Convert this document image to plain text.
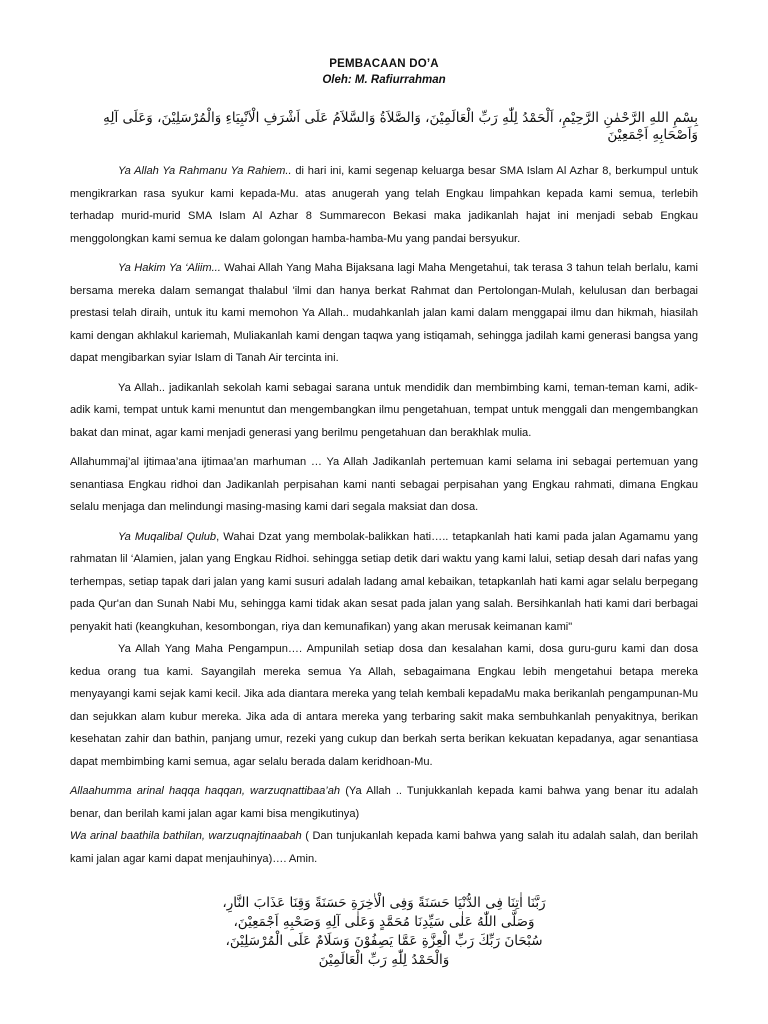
PEMBACAAN DO’A
Oleh: M. Rafiurrahman

بِسْمِ اللهِ الرَّحْمٰنِ الرَّحِيْمِ، اَلْحَمْدُ لِلّٰهِ رَبِّ الْعَالَمِيْنَ، وَالصَّلاَةُ وَالسَّلاَمُ عَلَى اَشْرَفِ الْاَنْبِيَاءِ وَالْمُرْسَلِيْنَ، وَعَلَى آلِهِ وَاَصْحَابِهِ اَجْمَعِيْنَ

Ya Allah Ya Rahmanu Ya Rahiem.. di hari ini, kami segenap keluarga besar SMA Islam Al Azhar 8, berkumpul untuk mengikrarkan rasa syukur kami kepada-Mu. atas anugerah yang telah Engkau limpahkan kepada kami semua, terlebih terhadap murid-murid SMA Islam Al Azhar 8 Summarecon Bekasi maka jadikanlah hajat ini menjadi sebab Engkau menggolongkan kami semua ke dalam golongan hamba-hamba-Mu yang pandai bersyukur.

Ya Hakim Ya ‘Aliim... Wahai Allah Yang Maha Bijaksana lagi Maha Mengetahui, tak terasa 3 tahun telah berlalu, kami bersama mereka dalam semangat thalabul 'ilmi dan hanya berkat Rahmat dan Pertolongan-Mulah, kelulusan dan berbagai prestasi telah diraih, untuk itu kami memohon Ya Allah.. mudahkanlah jalan kami dalam menggapai ilmu dan hikmah, hiasilah kami dengan akhlakul kariemah, Muliakanlah kami dengan taqwa yang istiqamah, sehingga jadilah kami generasi bangsa yang dapat mengibarkan syiar Islam di Tanah Air tercinta ini.

Ya Allah.. jadikanlah sekolah kami sebagai sarana untuk mendidik dan membimbing kami, teman-teman kami, adik-adik kami, tempat untuk kami menuntut dan mengembangkan ilmu pengetahuan, tempat untuk menggali dan mengembangkan bakat dan minat, agar kami menjadi generasi yang berilmu pengetahuan dan berakhlak mulia.

Allahummaj’al ijtimaa’ana ijtimaa’an marhuman … Ya Allah Jadikanlah pertemuan kami selama ini sebagai pertemuan yang senantiasa Engkau ridhoi dan Jadikanlah perpisahan kami nanti sebagai perpisahan yang Engkau rahmati, dimana Engkau selalu menjaga dan melindungi masing-masing kami dari segala maksiat dan dosa.

Ya Muqalibal Qulub, Wahai Dzat yang membolak-balikkan hati….. tetapkanlah hati kami pada jalan Agamamu yang rahmatan lil ‘Alamien, jalan yang Engkau Ridhoi. sehingga setiap detik dari waktu yang kami lalui, setiap desah dari nafas yang terhempas, setiap tapak dari jalan yang kami susuri adalah ladang amal kebaikan, tetapkanlah hati kami agar selalu berpegang pada Qur'an dan Sunah Nabi Mu, sehingga kami tidak akan sesat pada jalan yang salah. Bersihkanlah hati kami dari berbagai penyakit hati (keangkuhan, kesombongan, riya dan kemunafikan) yang akan merusak keimanan kami"

Ya Allah Yang Maha Pengampun…. Ampunilah setiap dosa dan kesalahan kami, dosa guru-guru kami dan dosa kedua orang tua kami. Sayangilah mereka semua Ya Allah, sebagaimana Engkau lebih mengetahui betapa mereka menyayangi kami sejak kami kecil. Jika ada diantara mereka yang telah kembali kepadaMu maka berikanlah pengampunan-Mu dan sejukkan alam kubur mereka. Jika ada di antara mereka yang terbaring sakit maka sembuhkanlah penyakitnya, berikan kesehatan zahir dan bathin, panjang umur, rezeki yang cukup dan berkah serta berikan kekuatan kepadanya, agar senantiasa dapat membimbing kami semua, agar selalu berada dalam keridhoan-Mu.

Allaahumma arinal haqqa haqqan, warzuqnattibaa’ah (Ya Allah .. Tunjukkanlah kepada kami bahwa yang benar itu adalah benar, dan berilah kami jalan agar kami bisa mengikutinya)

Wa arinal baathila bathilan, warzuqnajtinaabah ( Dan tunjukanlah kepada kami bahwa yang salah itu adalah salah, dan berilah kami jalan agar kami dapat menjauhinya)…. Amin.

رَبَّنَا اٰتِنَا فِى الدُّنْيَا حَسَنَةً وَفِى الْاٰخِرَةِ حَسَنَةً وَقِنَا عَذَابَ النَّارِ،
وَصَلَّى اللّٰهُ عَلٰى سَيِّدِنَا مُحَمَّدٍ وَعَلٰى آلِهِ وَصَحْبِهِ اَجْمَعِيْنَ،
سُبْحَانَ رَبِّكَ رَبِّ الْعِزَّةِ عَمَّا يَصِفُوْنَ وَسَلَامٌ عَلَى الْمُرْسَلِيْنَ،
وَالْحَمْدُ لِلّٰهِ رَبِّ الْعَالَمِيْنَ
